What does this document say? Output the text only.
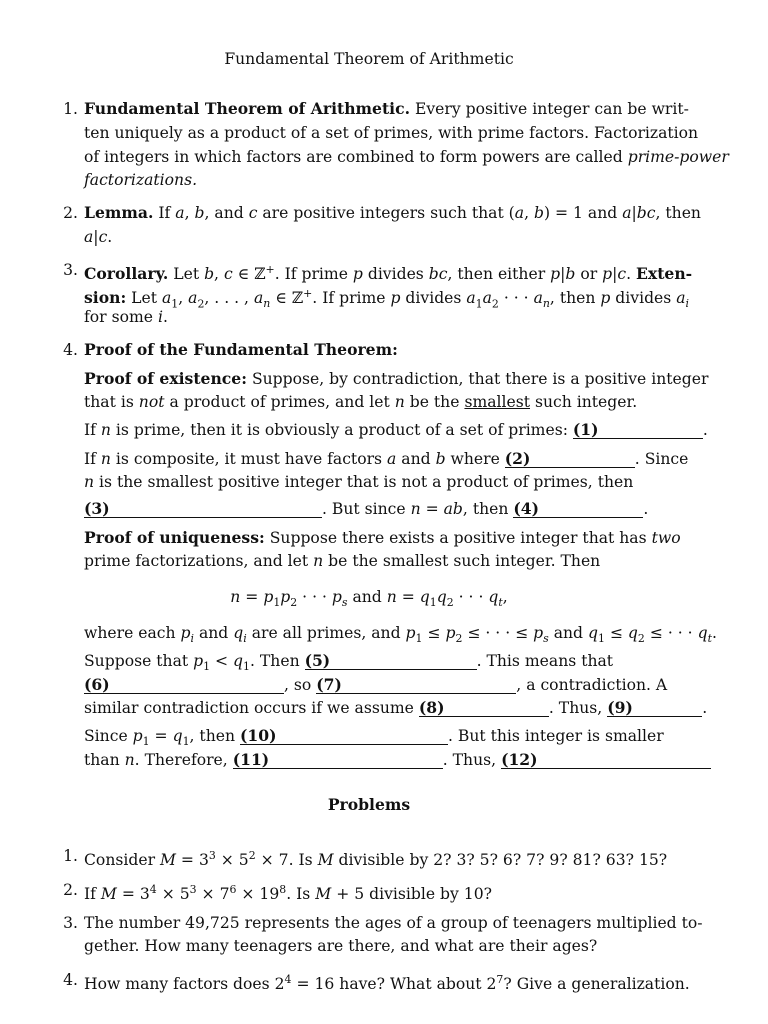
Fundamental Theorem of Arithmetic
1. Fundamental Theorem of Arithmetic. Every positive integer can be writ-
ten uniquely as a product of a set of primes, with prime factors. Factorization
of integers in which factors are combined to form powers are called prime-power
factorizations.
2. Lemma. If a, b, and c are positive integers such that (a, b) = 1 and a|bc, then
a|c.
3. Corollary. Let b, c ∈ ℤ+. If prime p divides bc, then either p|b or p|c. Exten-
sion: Let $a_1$, $a_2$, . . . , $a_n$ ∈ ℤ+. If prime p divides $a_1a_2$ · · · $a_n$, then p divides $a_i$
for some i.
4. Proof of the Fundamental Theorem:
Proof of existence: Suppose, by contradiction, that there is a positive integer
that is not a product of primes, and let n be the smallest such integer.
If n is prime, then it is obviously a product of a set of primes: (1)	.
If n is composite, it must have factors a and b where (2)	. Since
n is the smallest positive integer that is not a product of primes, then
(3)	. But since n = ab, then (4)	.
Proof of uniqueness: Suppose there exists a positive integer that has two
prime factorizations, and let n be the smallest such integer. Then
$n = p_1p_2$ · · · $p_s$ and $n = q_1q_2$ · · · $q_t$,
where each $p_i$ and $q_i$ are all primes, and $p_1 \le p_2$ ≤ · · · ≤ $p_s$ and $q_1 \le q_2$ ≤ · · · $q_t$.
Suppose that $p_1 < q_1$. Then (5)	. This means that
(6)	, so (7)	, a contradiction. A
similar contradiction occurs if we assume (8)	. Thus, (9)	.
Since $p_1 = q_1$, then (10)	. But this integer is smaller
than n. Therefore, (11)	. Thus, (12)
Problems
1. Consider $M = 3^3 \times 5^2 \times 7$. Is M divisible by 2? 3? 5? 6? 7? 9? 81? 63? 15?
2. If $M = 3^4 \times 5^3 \times 7^6 \times 19^8$. Is M + 5 divisible by 10?
3. The number 49,725 represents the ages of a group of teenagers multiplied to-
gether. How many teenagers are there, and what are their ages?
4. How many factors does $2^4 = 16$ have? What about $2^7$? Give a generalization.
